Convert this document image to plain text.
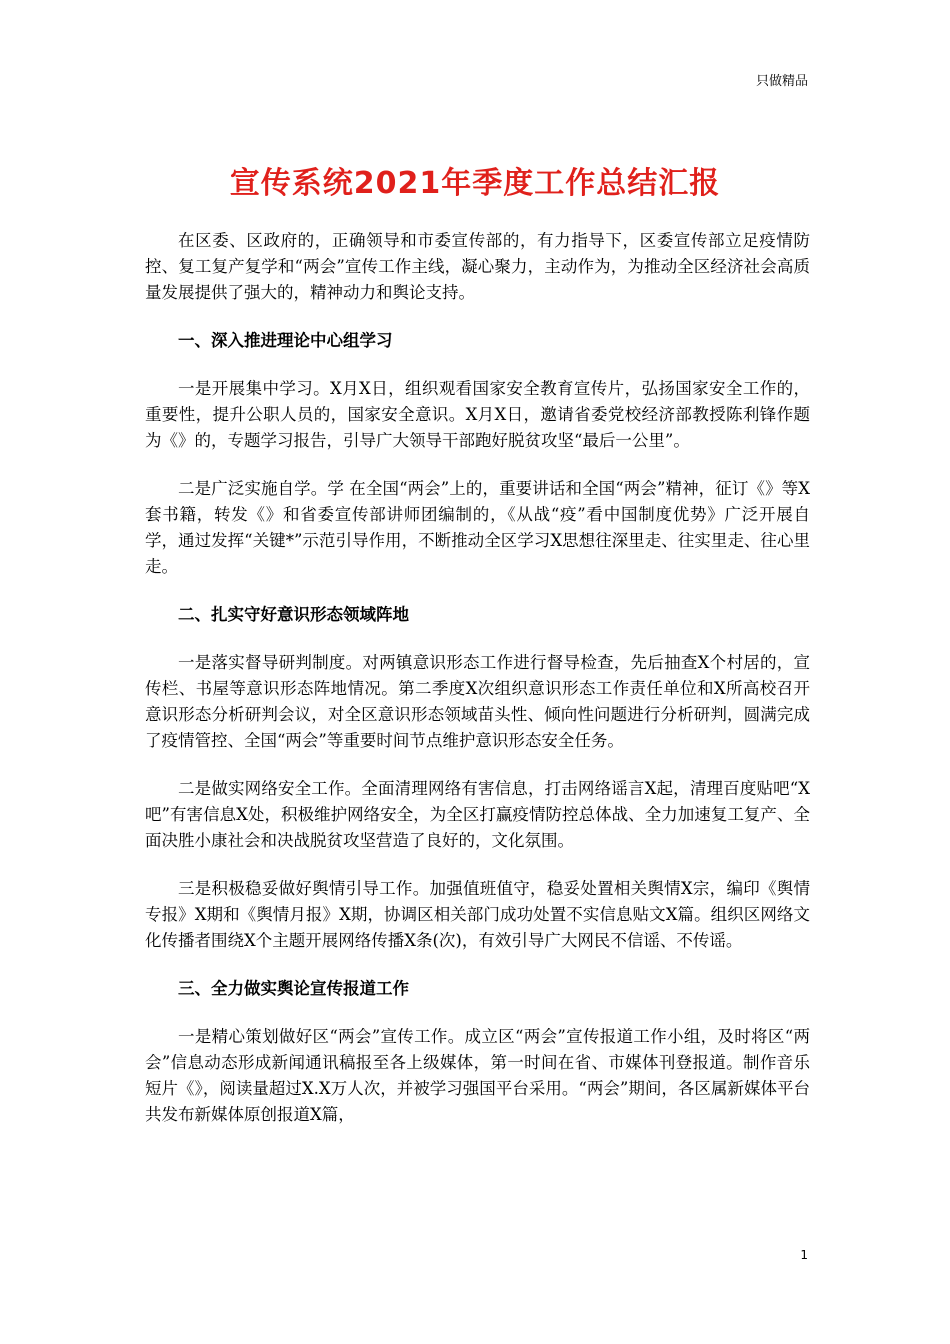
只做精品
宣传系统2021年季度工作总结汇报

在区委、区政府的，正确领导和市委宣传部的，有力指导下，区委宣传部立足疫情防控、复工复产复学和“两会”宣传工作主线，凝心聚力，主动作为，为推动全区经济社会高质量发展提供了强大的，精神动力和舆论支持。

一、深入推进理论中心组学习

一是开展集中学习。X月X日，组织观看国家安全教育宣传片，弘扬国家安全工作的，重要性，提升公职人员的，国家安全意识。X月X日，邀请省委党校经济部教授陈利锋作题为《》的，专题学习报告，引导广大领导干部跑好脱贫攻坚“最后一公里”。

二是广泛实施自学。学 在全国“两会”上的，重要讲话和全国“两会”精神，征订《》等X套书籍，转发《》和省委宣传部讲师团编制的，《从战“疫”看中国制度优势》广泛开展自学，通过发挥“关键*”示范引导作用，不断推动全区学习X思想往深里走、往实里走、往心里走。

二、扎实守好意识形态领域阵地

一是落实督导研判制度。对两镇意识形态工作进行督导检查，先后抽查X个村居的，宣传栏、书屋等意识形态阵地情况。第二季度X次组织意识形态工作责任单位和X所高校召开意识形态分析研判会议，对全区意识形态领域苗头性、倾向性问题进行分析研判，圆满完成了疫情管控、全国“两会”等重要时间节点维护意识形态安全任务。

二是做实网络安全工作。全面清理网络有害信息，打击网络谣言X起，清理百度贴吧“X吧”有害信息X处，积极维护网络安全，为全区打赢疫情防控总体战、全力加速复工复产、全面决胜小康社会和决战脱贫攻坚营造了良好的，文化氛围。

三是积极稳妥做好舆情引导工作。加强值班值守，稳妥处置相关舆情X宗，编印《舆情专报》X期和《舆情月报》X期，协调区相关部门成功处置不实信息贴文X篇。组织区网络文化传播者围绕X个主题开展网络传播X条(次)，有效引导广大网民不信谣、不传谣。

三、全力做实舆论宣传报道工作

一是精心策划做好区“两会”宣传工作。成立区“两会”宣传报道工作小组，及时将区“两会”信息动态形成新闻通讯稿报至各上级媒体，第一时间在省、市媒体刊登报道。制作音乐短片《》，阅读量超过X.X万人次，并被学习强国平台采用。“两会”期间，各区属新媒体平台共发布新媒体原创报道X篇，

1
